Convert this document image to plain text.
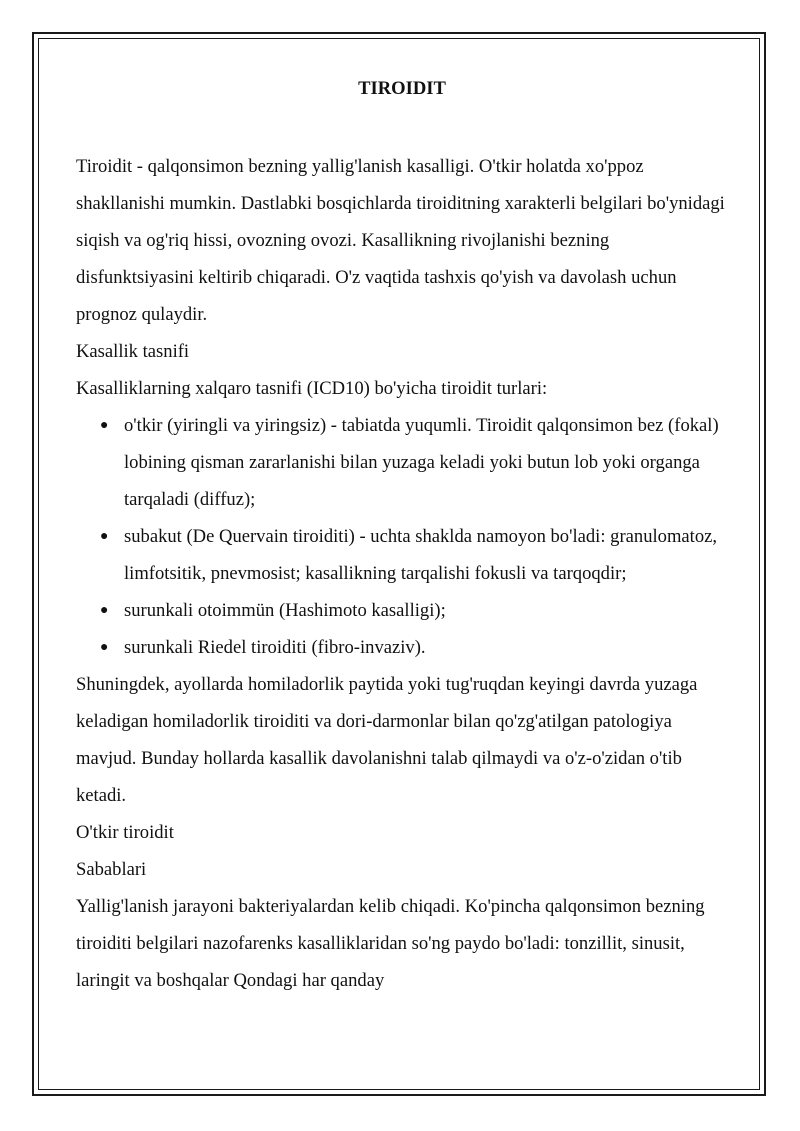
TIROIDIT

Tiroidit - qalqonsimon bezning yallig'lanish kasalligi. O'tkir holatda xo'ppoz shakllanishi mumkin. Dastlabki bosqichlarda tiroiditning xarakterli belgilari bo'ynidagi siqish va og'riq hissi, ovozning ovozi. Kasallikning rivojlanishi bezning disfunktsiyasini keltirib chiqaradi. O'z vaqtida tashxis qo'yish va davolash uchun prognoz qulaydir.

Kasallik tasnifi

Kasalliklarning xalqaro tasnifi (ICD10) bo'yicha tiroidit turlari:

● o'tkir (yiringli va yiringsiz) - tabiatda yuqumli. Tiroidit qalqonsimon bez (fokal) lobining qisman zararlanishi bilan yuzaga keladi yoki butun lob yoki organga tarqaladi (diffuz);
● subakut (De Quervain tiroiditi) - uchta shaklda namoyon bo'ladi: granulomatoz, limfotsitik, pnevmosist; kasallikning tarqalishi fokusli va tarqoqdir;
● surunkali otoimmün (Hashimoto kasalligi);
● surunkali Riedel tiroiditi (fibro-invaziv).

Shuningdek, ayollarda homiladorlik paytida yoki tug'ruqdan keyingi davrda yuzaga keladigan homiladorlik tiroiditi va dori-darmonlar bilan qo'zg'atilgan patologiya mavjud. Bunday hollarda kasallik davolanishni talab qilmaydi va o'z-o'zidan o'tib ketadi.

O'tkir tiroidit

Sabablari

Yallig'lanish jarayoni bakteriyalardan kelib chiqadi. Ko'pincha qalqonsimon bezning tiroiditi belgilari nazofarenks kasalliklaridan so'ng paydo bo'ladi: tonzillit, sinusit, laringit va boshqalar Qondagi har qanday
